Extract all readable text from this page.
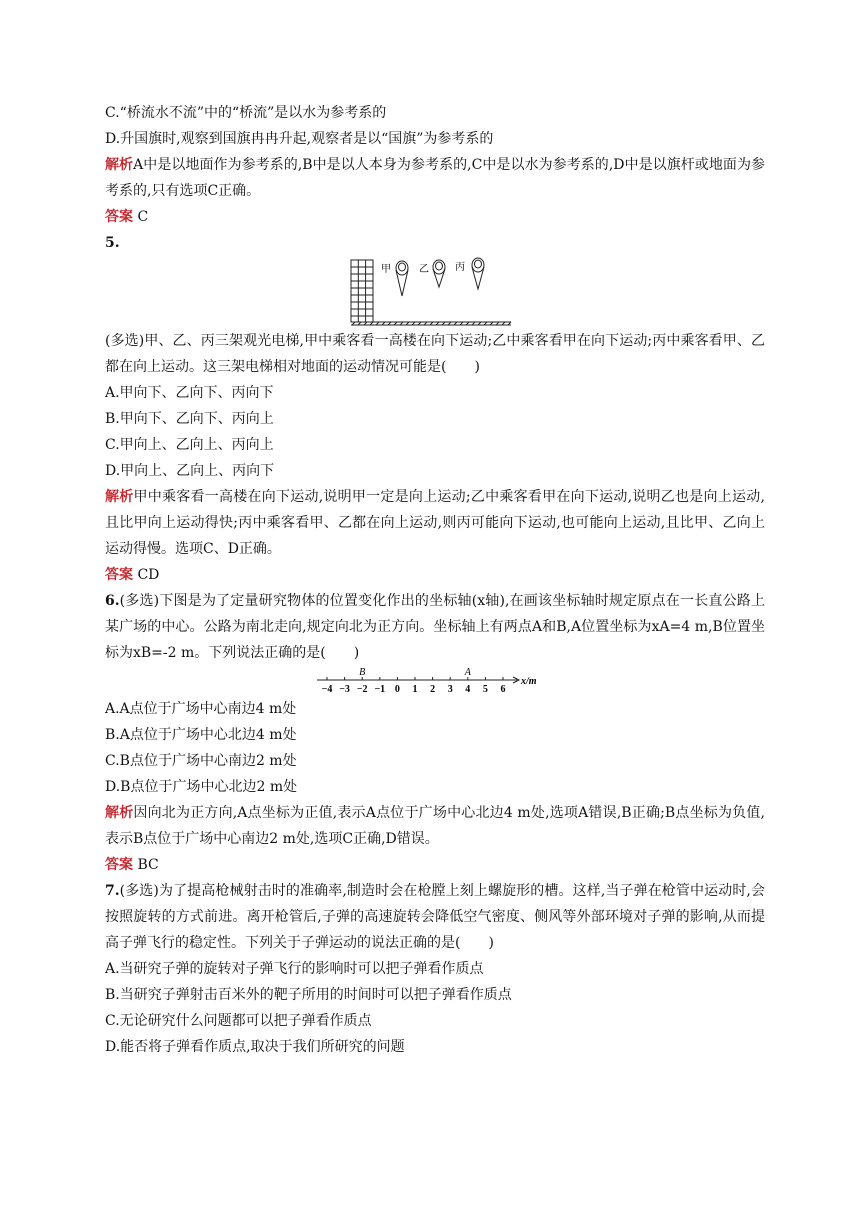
C.“桥流水不流”中的“桥流”是以水为参考系的

D.升国旗时,观察到国旗冉冉升起,观察者是以“国旗”为参考系的

解析A中是以地面作为参考系的,B中是以人本身为参考系的,C中是以水为参考系的,D中是以旗杆或地面为参考系的,只有选项C正确。

答案 C

5.

甲	乙	丙

(多选)甲、乙、丙三架观光电梯,甲中乘客看一高楼在向下运动;乙中乘客看甲在向下运动;丙中乘客看甲、乙都在向上运动。这三架电梯相对地面的运动情况可能是(　　)

A.甲向下、乙向下、丙向下

B.甲向下、乙向下、丙向上

C.甲向上、乙向上、丙向上

D.甲向上、乙向上、丙向下

解析甲中乘客看一高楼在向下运动,说明甲一定是向上运动;乙中乘客看甲在向下运动,说明乙也是向上运动,且比甲向上运动得快;丙中乘客看甲、乙都在向上运动,则丙可能向下运动,也可能向上运动,且比甲、乙向上运动得慢。选项C、D正确。

答案 CD

6.(多选)下图是为了定量研究物体的位置变化作出的坐标轴(x轴),在画该坐标轴时规定原点在一长直公路上某广场的中心。公路为南北走向,规定向北为正方向。坐标轴上有两点A和B,A位置坐标为xA=4 m,B位置坐标为xB=-2 m。下列说法正确的是(　　)

−4 −3 −2 −1 0 1 2 3 4 5 6
x/m
B	A

A.A点位于广场中心南边4 m处

B.A点位于广场中心北边4 m处

C.B点位于广场中心南边2 m处

D.B点位于广场中心北边2 m处

解析因向北为正方向,A点坐标为正值,表示A点位于广场中心北边4 m处,选项A错误,B正确;B点坐标为负值,表示B点位于广场中心南边2 m处,选项C正确,D错误。

答案 BC

7.(多选)为了提高枪械射击时的准确率,制造时会在枪膛上刻上螺旋形的槽。这样,当子弹在枪管中运动时,会按照旋转的方式前进。离开枪管后,子弹的高速旋转会降低空气密度、侧风等外部环境对子弹的影响,从而提高子弹飞行的稳定性。下列关于子弹运动的说法正确的是(　　)

A.当研究子弹的旋转对子弹飞行的影响时可以把子弹看作质点

B.当研究子弹射击百米外的靶子所用的时间时可以把子弹看作质点

C.无论研究什么问题都可以把子弹看作质点

D.能否将子弹看作质点,取决于我们所研究的问题
